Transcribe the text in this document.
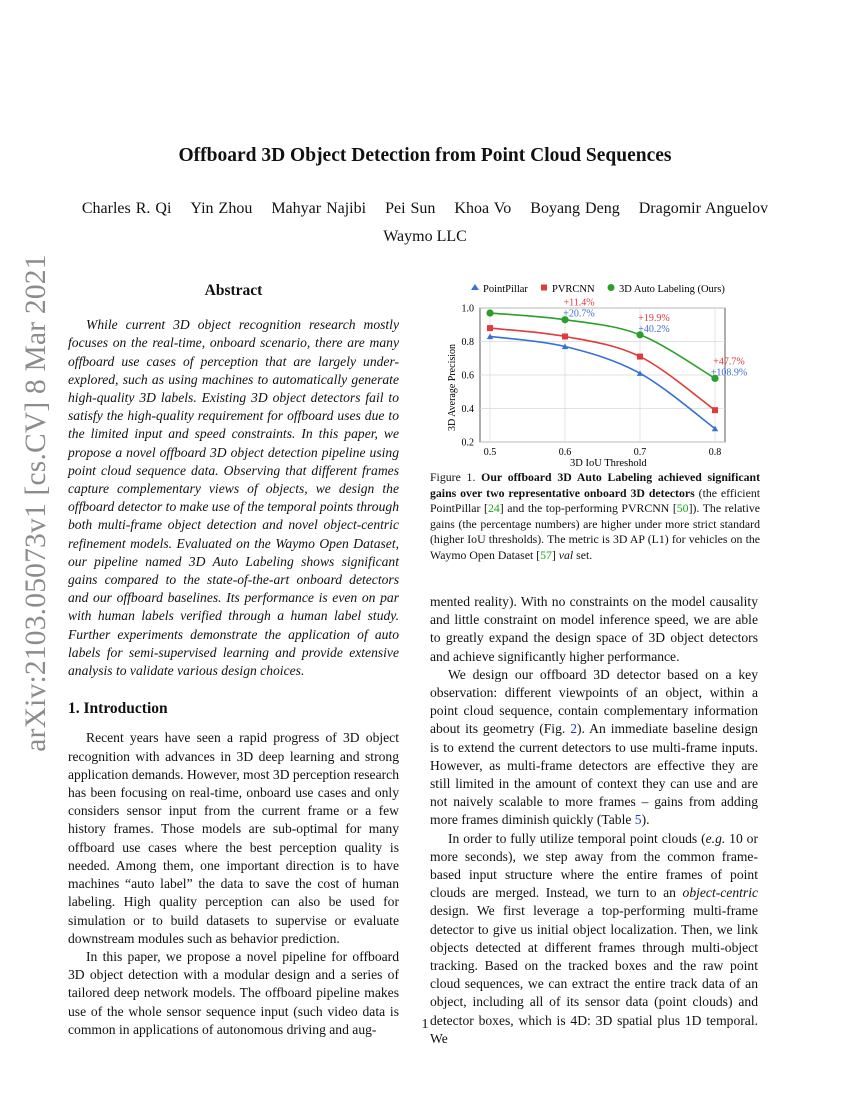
arXiv:2103.05073v1 [cs.CV] 8 Mar 2021
Offboard 3D Object Detection from Point Cloud Sequences
Charles R. Qi Yin Zhou Mahyar Najibi Pei Sun Khoa Vo Boyang Deng Dragomir Anguelov
Waymo LLC
Abstract

While current 3D object recognition research mostly focuses on the real-time, onboard scenario, there are many offboard use cases of perception that are largely under-explored, such as using machines to automatically generate high-quality 3D labels. Existing 3D object detectors fail to satisfy the high-quality requirement for offboard uses due to the limited input and speed constraints. In this paper, we propose a novel offboard 3D object detection pipeline using point cloud sequence data. Observing that different frames capture complementary views of objects, we design the offboard detector to make use of the temporal points through both multi-frame object detection and novel object-centric refinement models. Evaluated on the Waymo Open Dataset, our pipeline named 3D Auto Labeling shows significant gains compared to the state-of-the-art onboard detectors and our offboard baselines. Its performance is even on par with human labels verified through a human label study. Further experiments demonstrate the application of auto labels for semi-supervised learning and provide extensive analysis to validate various design choices.

1. Introduction

Recent years have seen a rapid progress of 3D object recognition with advances in 3D deep learning and strong application demands. However, most 3D perception research has been focusing on real-time, onboard use cases and only considers sensor input from the current frame or a few history frames. Those models are sub-optimal for many offboard use cases where the best perception quality is needed. Among them, one important direction is to have machines “auto label” the data to save the cost of human labeling. High quality perception can also be used for simulation or to build datasets to supervise or evaluate downstream modules such as behavior prediction.

In this paper, we propose a novel pipeline for offboard 3D object detection with a modular design and a series of tailored deep network models. The offboard pipeline makes use of the whole sensor sequence input (such video data is common in applications of autonomous driving and aug-

PointPillar PVRCNN 3D Auto Labeling (Ours)
0.2
0.4
0.6
0.8
1.0
0.5	0.6	0.7	0.8
3D Average Precision
3D IoU Threshold
+11.4%
+20.7%	+19.9%
+40.2%
+47.7%
+108.9%
Figure 1. Our offboard 3D Auto Labeling achieved significant gains over two representative onboard 3D detectors (the efficient PointPillar [24] and the top-performing PVRCNN [50]). The relative gains (the percentage numbers) are higher under more strict standard (higher IoU thresholds). The metric is 3D AP (L1) for vehicles on the Waymo Open Dataset [57] val set.

mented reality). With no constraints on the model causality and little constraint on model inference speed, we are able to greatly expand the design space of 3D object detectors and achieve significantly higher performance.

We design our offboard 3D detector based on a key observation: different viewpoints of an object, within a point cloud sequence, contain complementary information about its geometry (Fig. 2). An immediate baseline design is to extend the current detectors to use multi-frame inputs. However, as multi-frame detectors are effective they are still limited in the amount of context they can use and are not naively scalable to more frames – gains from adding more frames diminish quickly (Table 5).

In order to fully utilize temporal point clouds (e.g. 10 or more seconds), we step away from the common frame-based input structure where the entire frames of point clouds are merged. Instead, we turn to an object-centric design. We first leverage a top-performing multi-frame detector to give us initial object localization. Then, we link objects detected at different frames through multi-object tracking. Based on the tracked boxes and the raw point cloud sequences, we can extract the entire track data of an object, including all of its sensor data (point clouds) and detector boxes, which is 4D: 3D spatial plus 1D temporal. We

1
